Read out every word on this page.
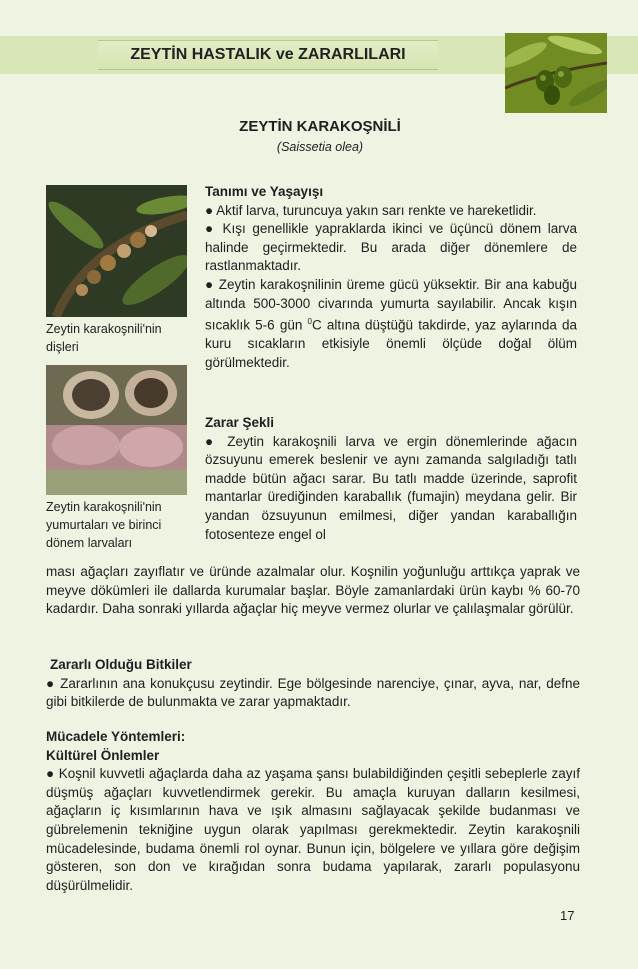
ZEYTİN HASTALIK ve ZARARLILARI
ZEYTİN KARAKOŞNİLİ
(Saissetia olea)
Zeytin karakoşnili'nin dişleri
Zeytin karakoşnili'nin yumurtaları ve birinci dönem larvaları

Tanımı ve Yaşayışı

● Aktif larva, turuncuya yakın sarı renkte ve hareketlidir.

● Kışı genellikle yapraklarda ikinci ve üçüncü dönem larva halinde geçirmektedir. Bu arada diğer dönemlere de rastlanmaktadır.

● Zeytin karakoşnilinin üreme gücü yüksektir. Bir ana kabuğu altında 500-3000 civarında yumurta sayılabilir. Ancak kışın sıcaklık 5-6 gün $^0$C altına düştüğü takdirde, yaz aylarında da kuru sıcakların etkisiyle önemli ölçüde doğal ölüm görülmektedir.

Zarar Şekli

● Zeytin karakoşnili larva ve ergin dönemlerinde ağacın özsuyunu emerek beslenir ve aynı zamanda salgıladığı tatlı madde bütün ağacı sarar. Bu tatlı madde üzerinde, saprofit mantarlar ürediğinden karaballık (fumajin) meydana gelir. Bir yandan özsuyunun emilmesi, diğer yandan karaballığın fotosenteze engel ol

ması ağaçları zayıflatır ve üründe azalmalar olur. Koşnilin yoğunluğu arttıkça yaprak ve meyve dökümleri ile dallarda kurumalar başlar. Böyle zamanlardaki ürün kaybı % 60-70 kadardır. Daha sonraki yıllarda ağaçlar hiç meyve vermez olurlar ve çalılaşmalar görülür.

Zararlı Olduğu Bitkiler

● Zararlının ana konukçusu zeytindir. Ege bölgesinde narenciye, çınar, ayva, nar, defne gibi bitkilerde de bulunmakta ve zarar yapmaktadır.

Mücadele Yöntemleri:

Kültürel Önlemler

● Koşnil kuvvetli ağaçlarda daha az yaşama şansı bulabildiğinden çeşitli sebeplerle zayıf düşmüş ağaçları kuvvetlendirmek gerekir. Bu amaçla kuruyan dalların kesilmesi, ağaçların iç kısımlarının hava ve ışık almasını sağlayacak şekilde budanması ve gübrelemenin tekniğine uygun olarak yapılması gerekmektedir. Zeytin karakoşnili mücadelesinde, budama önemli rol oynar. Bunun için, bölgelere ve yıllara göre değişim gösteren, son don ve kırağıdan sonra budama yapılarak, zararlı populasyonu düşürülmelidir.

17
